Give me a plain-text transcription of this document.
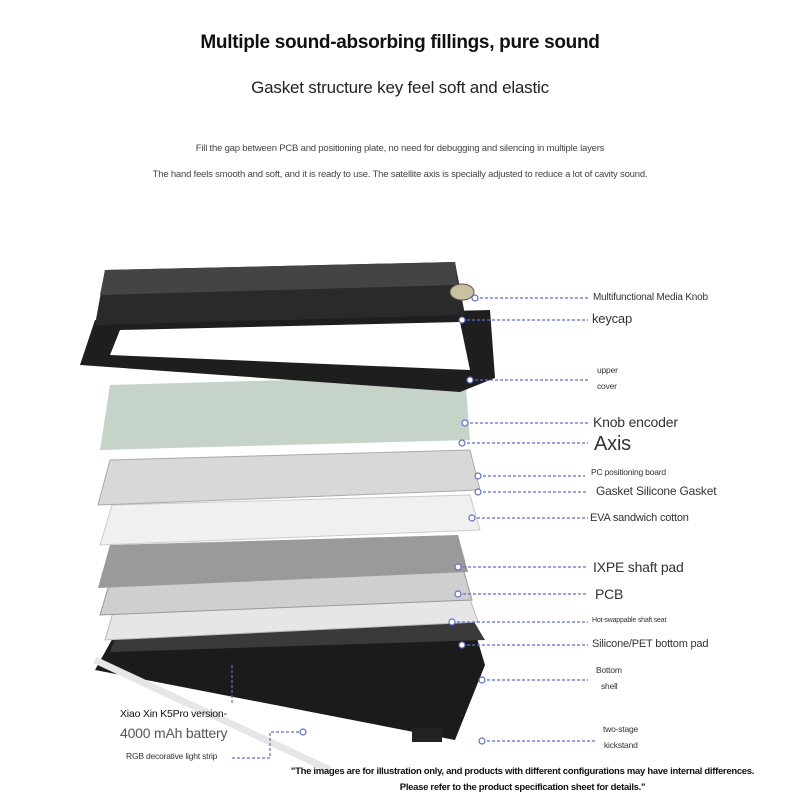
Multiple sound-absorbing fillings, pure sound
Gasket structure key feel soft and elastic
Fill the gap between PCB and positioning plate, no need for debugging and silencing in multiple layers
The hand feels smooth and soft, and it is ready to use. The satellite axis is specially adjusted to reduce a lot of cavity sound.
Multifunctional Media Knob
keycap
upper
cover
Knob encoder
Axis
PC positioning board
Gasket Silicone Gasket
EVA sandwich cotton
IXPE shaft pad
PCB
Hot-swappable shaft seat
Silicone/PET bottom pad
Bottom
shell
two-stage
kickstand
Xiao Xin K5Pro version-
4000 mAh battery
RGB decorative light strip
"The images are for illustration only, and products with different configurations may have internal differences.
Please refer to the product specification sheet for details."
